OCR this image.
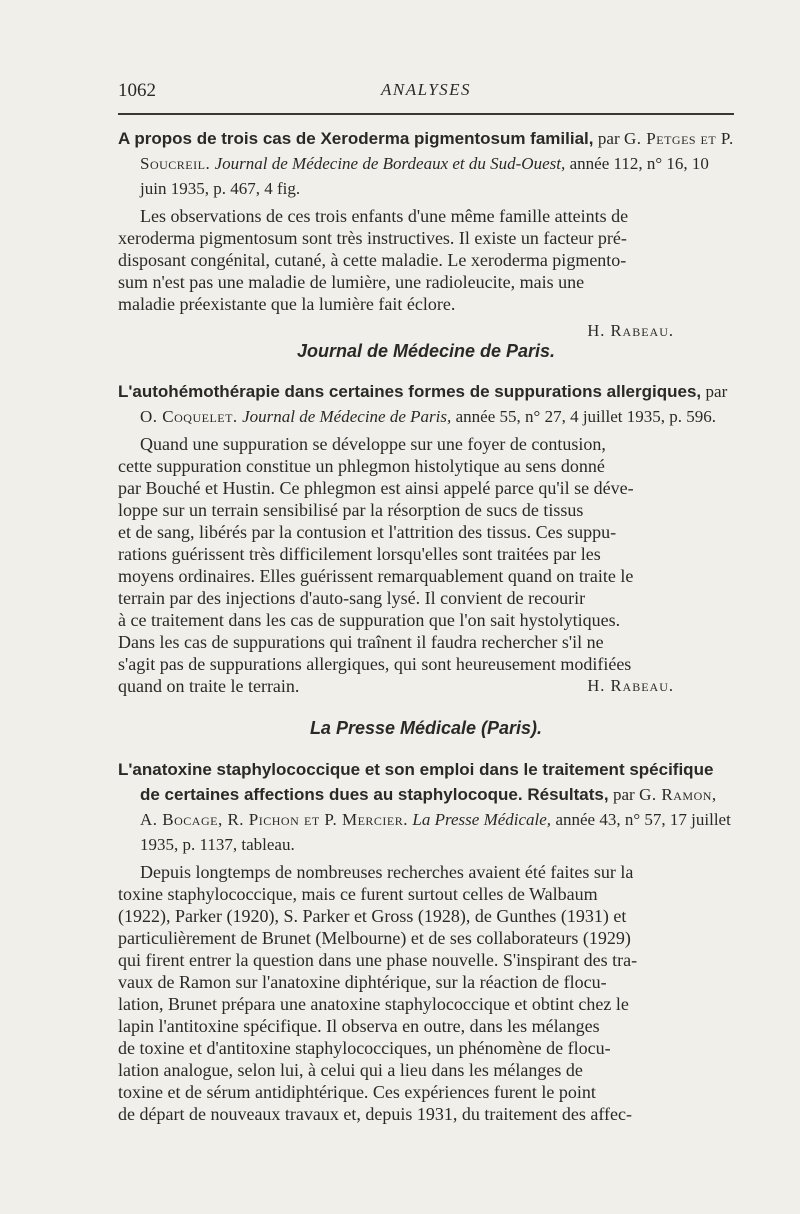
1062	ANALYSES

A propos de trois cas de Xeroderma pigmentosum familial, par G. Petges et P. Soucreil. Journal de Médecine de Bordeaux et du Sud-Ouest, année 112, n° 16, 10 juin 1935, p. 467, 4 fig.

Les observations de ces trois enfants d'une même famille atteints de

xeroderma pigmentosum sont très instructives. Il existe un facteur pré-

disposant congénital, cutané, à cette maladie. Le xeroderma pigmento-

sum n'est pas une maladie de lumière, une radioleucite, mais une

maladie préexistante que la lumière fait éclore.

H. Rabeau.

Journal de Médecine de Paris.

L'autohémothérapie dans certaines formes de suppurations allergiques, par O. Coquelet. Journal de Médecine de Paris, année 55, n° 27, 4 juillet 1935, p. 596.

Quand une suppuration se développe sur une foyer de contusion,

cette suppuration constitue un phlegmon histolytique au sens donné

par Bouché et Hustin. Ce phlegmon est ainsi appelé parce qu'il se déve-

loppe sur un terrain sensibilisé par la résorption de sucs de tissus

et de sang, libérés par la contusion et l'attrition des tissus. Ces suppu-

rations guérissent très difficilement lorsqu'elles sont traitées par les

moyens ordinaires. Elles guérissent remarquablement quand on traite le

terrain par des injections d'auto-sang lysé. Il convient de recourir

à ce traitement dans les cas de suppuration que l'on sait hystolytiques.

Dans les cas de suppurations qui traînent il faudra rechercher s'il ne

s'agit pas de suppurations allergiques, qui sont heureusement modifiées

quand on traite le terrain.	H. Rabeau.

La Presse Médicale (Paris).

L'anatoxine staphylococcique et son emploi dans le traitement spécifique de certaines affections dues au staphylocoque. Résultats, par G. Ramon, A. Bocage, R. Pichon et P. Mercier. La Presse Médicale, année 43, n° 57, 17 juillet 1935, p. 1137, tableau.

Depuis longtemps de nombreuses recherches avaient été faites sur la

toxine staphylococcique, mais ce furent surtout celles de Walbaum

(1922), Parker (1920), S. Parker et Gross (1928), de Gunthes (1931) et

particulièrement de Brunet (Melbourne) et de ses collaborateurs (1929)

qui firent entrer la question dans une phase nouvelle. S'inspirant des tra-

vaux de Ramon sur l'anatoxine diphtérique, sur la réaction de flocu-

lation, Brunet prépara une anatoxine staphylococcique et obtint chez le

lapin l'antitoxine spécifique. Il observa en outre, dans les mélanges

de toxine et d'antitoxine staphylococciques, un phénomène de flocu-

lation analogue, selon lui, à celui qui a lieu dans les mélanges de

toxine et de sérum antidiphtérique. Ces expériences furent le point

de départ de nouveaux travaux et, depuis 1931, du traitement des affec-
